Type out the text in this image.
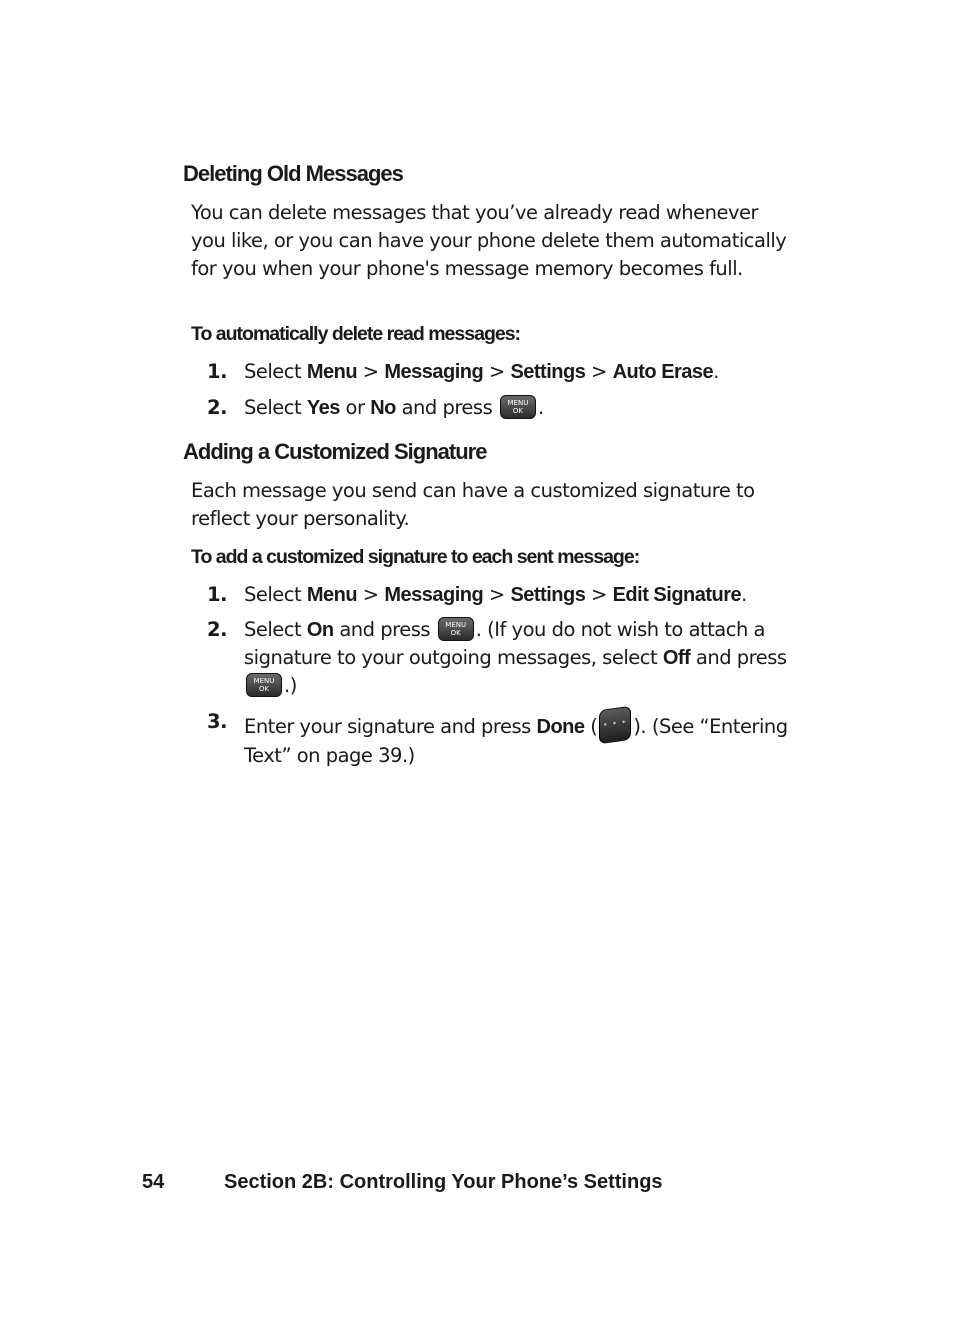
Deleting Old Messages

You can delete messages that you’ve already read whenever you like, or you can have your phone delete them automatically for you when your phone's message memory becomes full.

To automatically delete read messages:

1. Select Menu > Messaging > Settings > Auto Erase.
2. Select Yes or No and press	MENU
OK .
Adding a Customized Signature

Each message you send can have a customized signature to reflect your personality.

To add a customized signature to each sent message:

1. Select Menu > Messaging > Settings > Edit Signature.
2. Select On and press	MENU
OK . (If you do not wish to attach a signature to your outgoing messages, select Off and press
MENU
OK .)
3. Enter your signature and press Done ( • • • ). (See “Entering Text” on page 39.)
54	Section 2B: Controlling Your Phone’s Settings
